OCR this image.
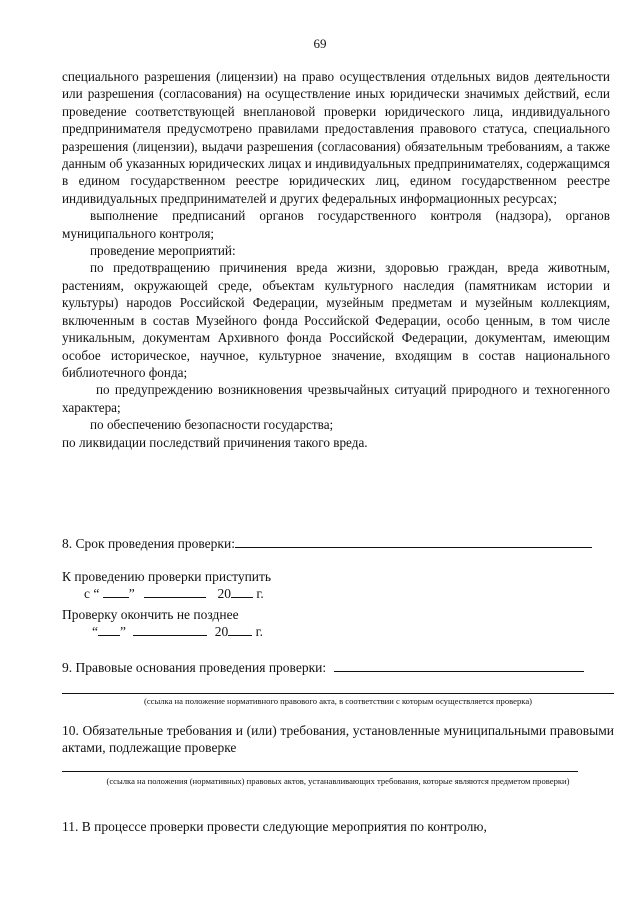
69

специального разрешения (лицензии) на право осуществления отдельных видов деятельности или разрешения (согласования) на осуществление иных юридически значимых действий, если проведение соответствующей внеплановой проверки юридического лица, индивидуального предпринимателя предусмотрено правилами предоставления правового статуса, специального разрешения (лицензии), выдачи разрешения (согласования) обязательным требованиям, а также данным об указанных юридических лицах и индивидуальных предпринимателях, содержащимся в едином государственном реестре юридических лиц, едином государственном реестре индивидуальных предпринимателей и других федеральных информационных ресурсах;

выполнение предписаний органов государственного контроля (надзора), органов муниципального контроля;

проведение мероприятий:

по предотвращению причинения вреда жизни, здоровью граждан, вреда животным, растениям, окружающей среде, объектам культурного наследия (памятникам истории и культуры) народов Российской Федерации, музейным предметам и музейным коллекциям, включенным в состав Музейного фонда Российской Федерации, особо ценным, в том числе уникальным, документам Архивного фонда Российской Федерации, документам, имеющим особое историческое, научное, культурное значение, входящим в состав национального библиотечного фонда;

по предупреждению возникновения чрезвычайных ситуаций природного и техногенного характера;

по обеспечению безопасности государства;

по ликвидации последствий причинения такого вреда.

8. Срок проведения проверки:
К проведению проверки приступить
с “ ”	20 г.
Проверку окончить не позднее
“ ”	20 г.
9. Правовые основания проведения проверки:
(ссылка на положение нормативного правового акта, в соответствии с которым осуществляется проверка)
10. Обязательные требования и (или) требования, установленные муниципальными правовыми актами, подлежащие проверке
(ссылка на положения (нормативных) правовых актов, устанавливающих требования, которые являются предметом проверки)
11. В процессе проверки провести следующие мероприятия по контролю,
